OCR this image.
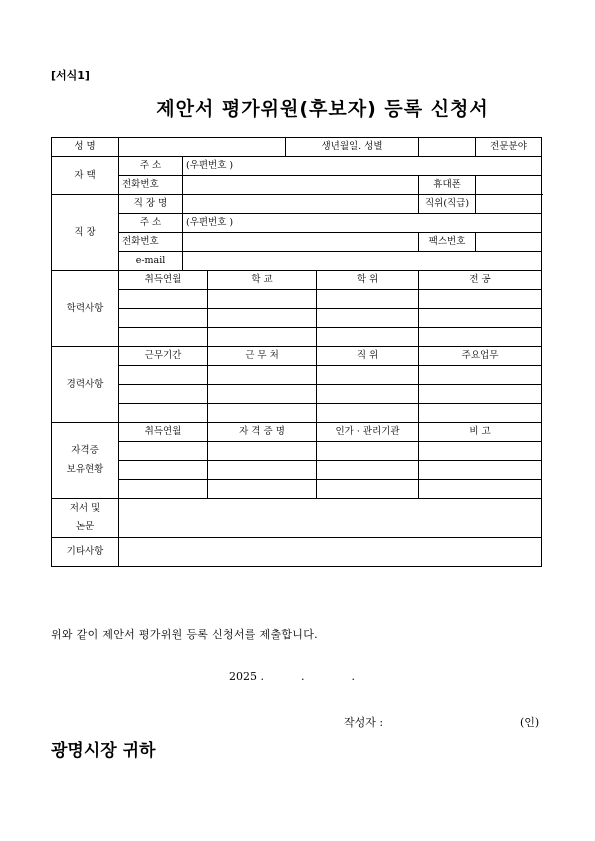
[서식1]
제안서 평가위원(후보자) 등록 신청서
성 명				생년월일. 성별			전문분야
자 택	주 소	(우편번호 )					
	전화번호					휴대폰	
직 장	직 장 명					직위(직급)	
	주 소	(우편번호 )					
	전화번호					팩스번호	
	e-mail						
학력사항	취득연월		학 교		학 위	전 공	

경력사항	근무기간		근 무 처		직 위	주요업무	

자격증
보유현황	취득연월		자 격 증 명		인가 · 관리기관	비 고	

저서 및
논문							

기타사항							
위와 같이 제안서 평가위원 등록 신청서를 제출합니다.
2025 .	.	.
작성자 :	(인)
광명시장 귀하
